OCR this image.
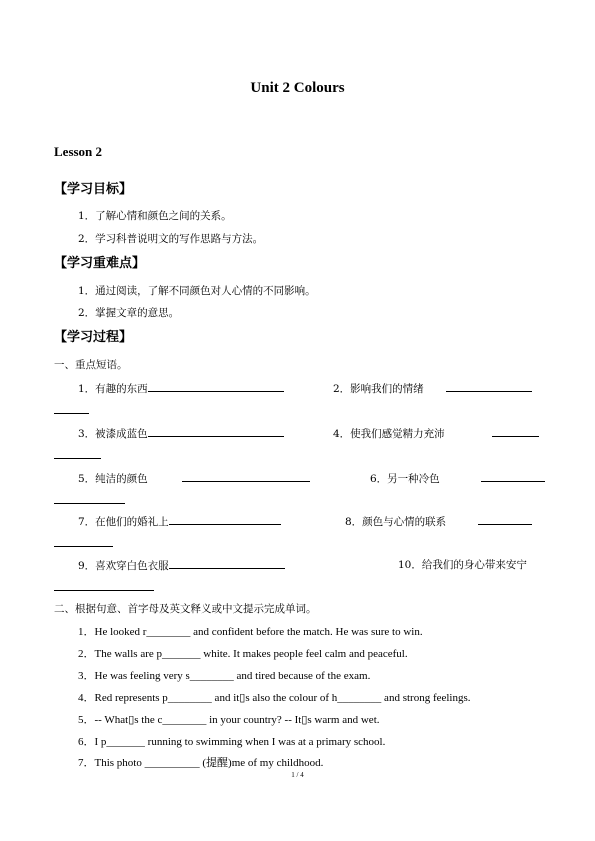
Unit 2 Colours
Lesson 2
【学习目标】
1．了解心情和颜色之间的关系。
2．学习科普说明文的写作思路与方法。
【学习重难点】
1．通过阅读，了解不同颜色对人心情的不同影响。
2．掌握文章的意思。
【学习过程】
一、重点短语。
1．有趣的东西	2．影响我们的情绪
3．被漆成蓝色	4．使我们感觉精力充沛
5．纯洁的颜色	6．另一种冷色
7．在他们的婚礼上	8．颜色与心情的联系
9．喜欢穿白色衣服	10．给我们的身心带来安宁
二、根据句意、首字母及英文释义或中文提示完成单词。
1．He looked r________ and confident before the match. He was sure to win.
2．The walls are p_______ white. It makes people feel calm and peaceful.
3．He was feeling very s________ and tired because of the exam.
4．Red represents p________ and it▯s also the colour of h________ and strong feelings.
5．-- What▯s the c________ in your country? -- It▯s warm and wet.
6．I p_______ running to swimming when I was at a primary school.
7．This photo __________ (提醒)me of my childhood.
1 / 4
